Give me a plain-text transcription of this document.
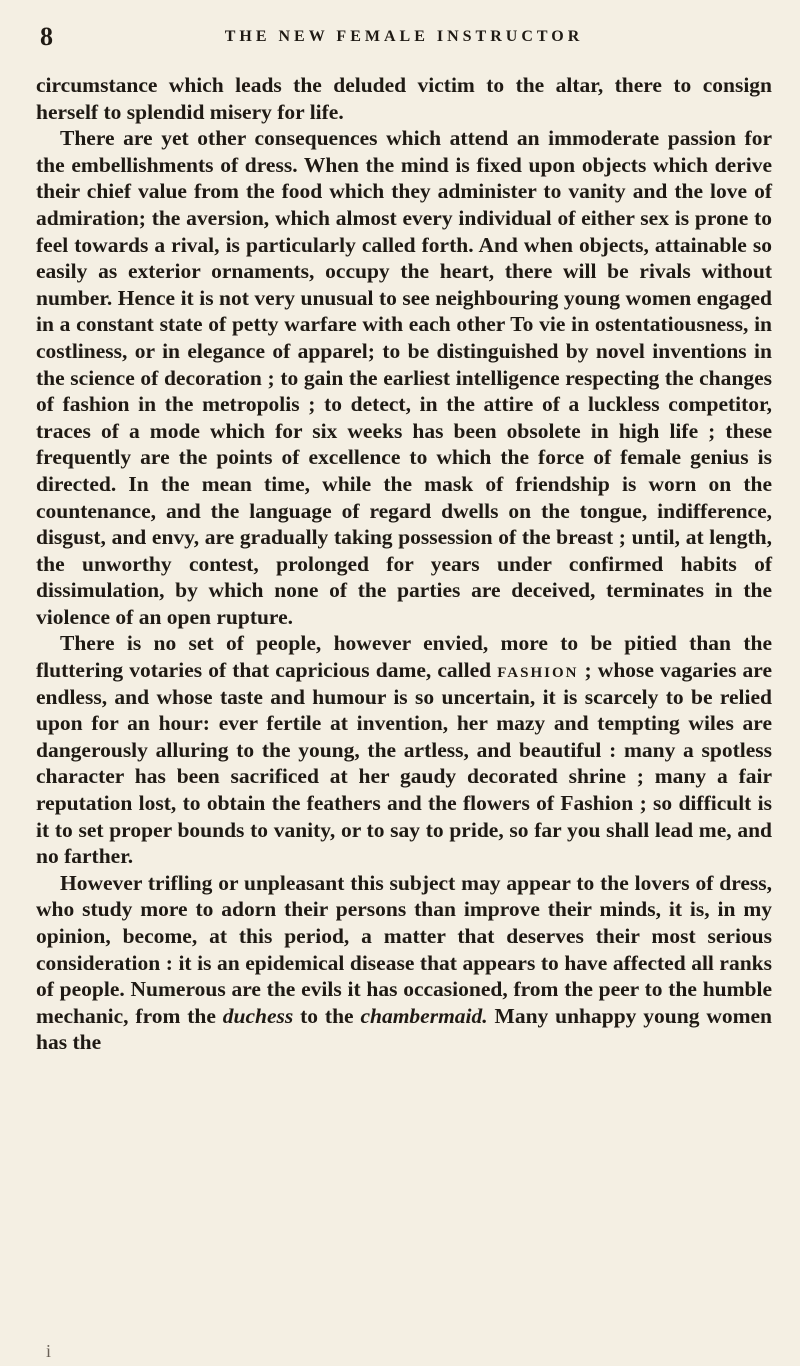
8	THE NEW FEMALE INSTRUCTOR

circumstance which leads the deluded victim to the altar, there to consign herself to splendid misery for life.

There are yet other consequences which attend an immoderate passion for the embellishments of dress. When the mind is fixed upon objects which derive their chief value from the food which they administer to vanity and the love of admiration; the aversion, which almost every individual of either sex is prone to feel towards a rival, is particularly called forth. And when objects, attainable so easily as exterior ornaments, occupy the heart, there will be rivals without number. Hence it is not very unusual to see neighbouring young women engaged in a constant state of petty warfare with each other To vie in ostentatiousness, in costliness, or in elegance of apparel; to be distinguished by novel inventions in the science of decoration ; to gain the earliest intelligence respecting the changes of fashion in the metropolis ; to detect, in the attire of a luckless competitor, traces of a mode which for six weeks has been obsolete in high life ; these frequently are the points of excellence to which the force of female genius is directed. In the mean time, while the mask of friendship is worn on the countenance, and the language of regard dwells on the tongue, indifference, disgust, and envy, are gradually taking possession of the breast ; until, at length, the unworthy contest, prolonged for years under confirmed habits of dissimulation, by which none of the parties are deceived, terminates in the violence of an open rupture.

There is no set of people, however envied, more to be pitied than the fluttering votaries of that capricious dame, called fashion ; whose vagaries are endless, and whose taste and humour is so uncertain, it is scarcely to be relied upon for an hour: ever fertile at invention, her mazy and tempting wiles are dangerously alluring to the young, the artless, and beautiful : many a spotless character has been sacrificed at her gaudy decorated shrine ; many a fair reputation lost, to obtain the feathers and the flowers of Fashion ; so difficult is it to set proper bounds to vanity, or to say to pride, so far you shall lead me, and no farther.

However trifling or unpleasant this subject may appear to the lovers of dress, who study more to adorn their persons than improve their minds, it is, in my opinion, become, at this period, a matter that deserves their most serious consideration : it is an epidemical disease that appears to have affected all ranks of people. Numerous are the evils it has occasioned, from the peer to the humble mechanic, from the duchess to the chambermaid. Many unhappy young women has the

i
